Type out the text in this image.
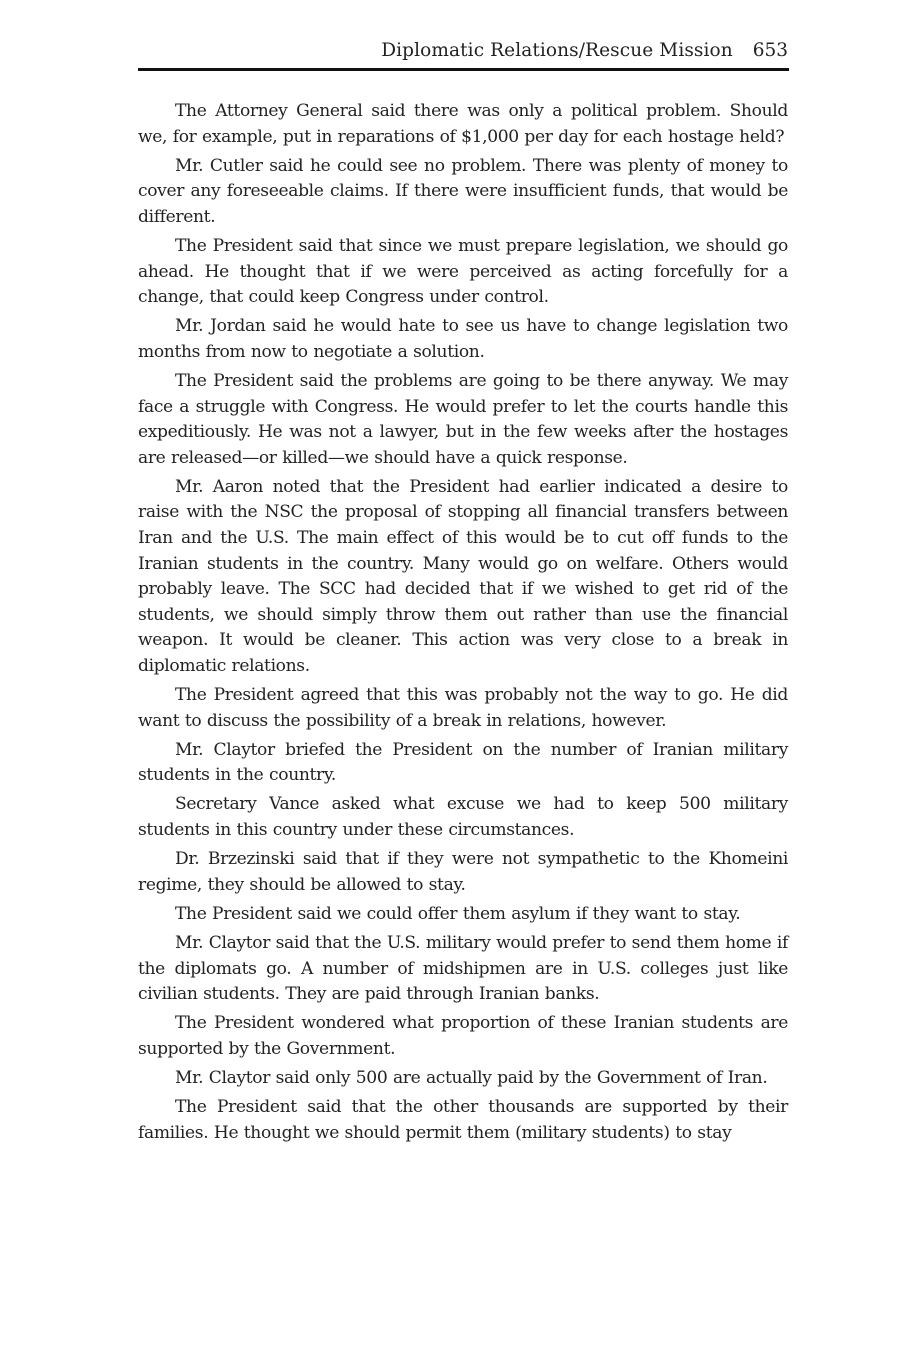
Diplomatic Relations/Rescue Mission 653

The Attorney General said there was only a political problem. Should we, for example, put in reparations of $1,000 per day for each hostage held?

Mr. Cutler said he could see no problem. There was plenty of money to cover any foreseeable claims. If there were insufficient funds, that would be different.

The President said that since we must prepare legislation, we should go ahead. He thought that if we were perceived as acting forcefully for a change, that could keep Congress under control.

Mr. Jordan said he would hate to see us have to change legislation two months from now to negotiate a solution.

The President said the problems are going to be there anyway. We may face a struggle with Congress. He would prefer to let the courts handle this expeditiously. He was not a lawyer, but in the few weeks after the hostages are released—or killed—we should have a quick response.

Mr. Aaron noted that the President had earlier indicated a desire to raise with the NSC the proposal of stopping all financial transfers between Iran and the U.S. The main effect of this would be to cut off funds to the Iranian students in the country. Many would go on welfare. Others would probably leave. The SCC had decided that if we wished to get rid of the students, we should simply throw them out rather than use the financial weapon. It would be cleaner. This action was very close to a break in diplomatic relations.

The President agreed that this was probably not the way to go. He did want to discuss the possibility of a break in relations, however.

Mr. Claytor briefed the President on the number of Iranian military students in the country.

Secretary Vance asked what excuse we had to keep 500 military students in this country under these circumstances.

Dr. Brzezinski said that if they were not sympathetic to the Khomeini regime, they should be allowed to stay.

The President said we could offer them asylum if they want to stay.

Mr. Claytor said that the U.S. military would prefer to send them home if the diplomats go. A number of midshipmen are in U.S. colleges just like civilian students. They are paid through Iranian banks.

The President wondered what proportion of these Iranian students are supported by the Government.

Mr. Claytor said only 500 are actually paid by the Government of Iran.

The President said that the other thousands are supported by their families. He thought we should permit them (military students) to stay
